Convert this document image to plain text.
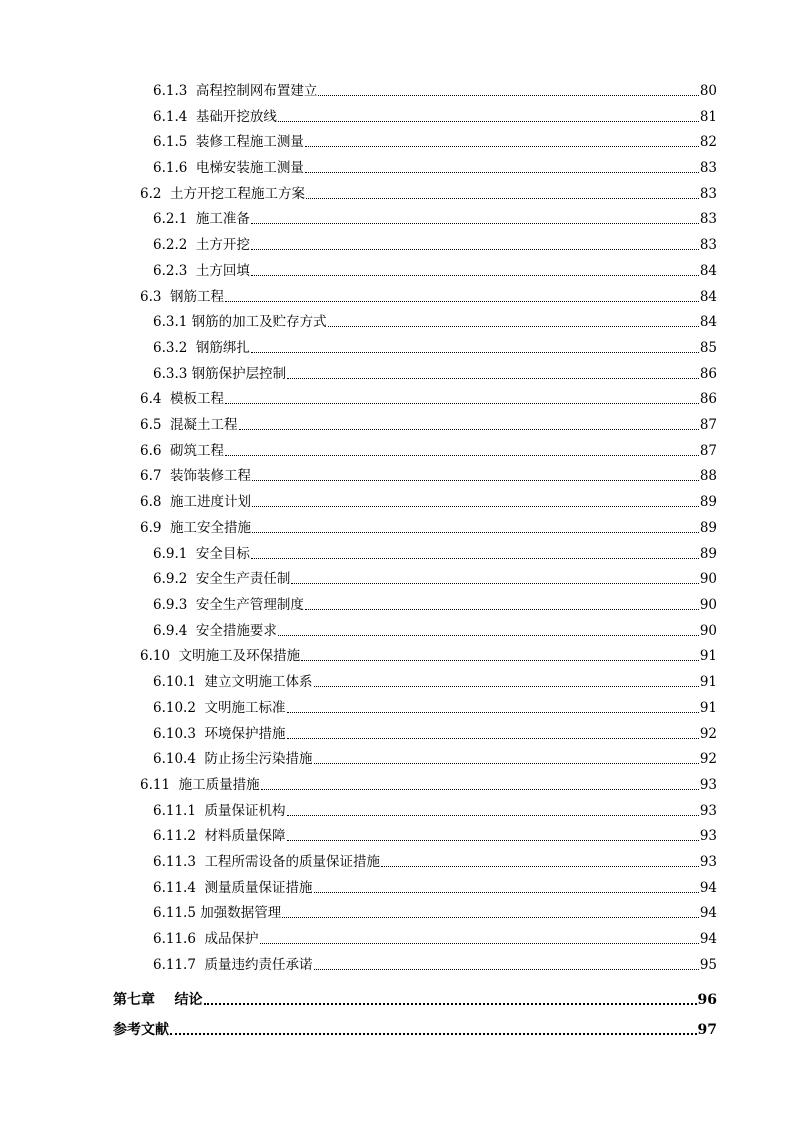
6.1.3  高程控制网布置建立	80
6.1.4  基础开挖放线	81
6.1.5  装修工程施工测量	82
6.1.6  电梯安装施工测量	83
6.2  土方开挖工程施工方案	83
6.2.1  施工准备	83
6.2.2  土方开挖	83
6.2.3  土方回填	84
6.3  钢筋工程	84
6.3.1 钢筋的加工及贮存方式	84
6.3.2  钢筋绑扎	85
6.3.3 钢筋保护层控制	86
6.4  模板工程	86
6.5  混凝土工程	87
6.6  砌筑工程	87
6.7  装饰装修工程	88
6.8  施工进度计划	89
6.9  施工安全措施	89
6.9.1  安全目标	89
6.9.2  安全生产责任制	90
6.9.3  安全生产管理制度	90
6.9.4  安全措施要求	90
6.10  文明施工及环保措施	91
6.10.1  建立文明施工体系	91
6.10.2  文明施工标准	91
6.10.3  环境保护措施	92
6.10.4  防止扬尘污染措施	92
6.11  施工质量措施	93
6.11.1  质量保证机构	93
6.11.2  材料质量保障	93
6.11.3  工程所需设备的质量保证措施	93
6.11.4  测量质量保证措施	94
6.11.5 加强数据管理	94
6.11.6  成品保护	94
6.11.7  质量违约责任承诺	95
第七章    结论	96
参考文献	97
